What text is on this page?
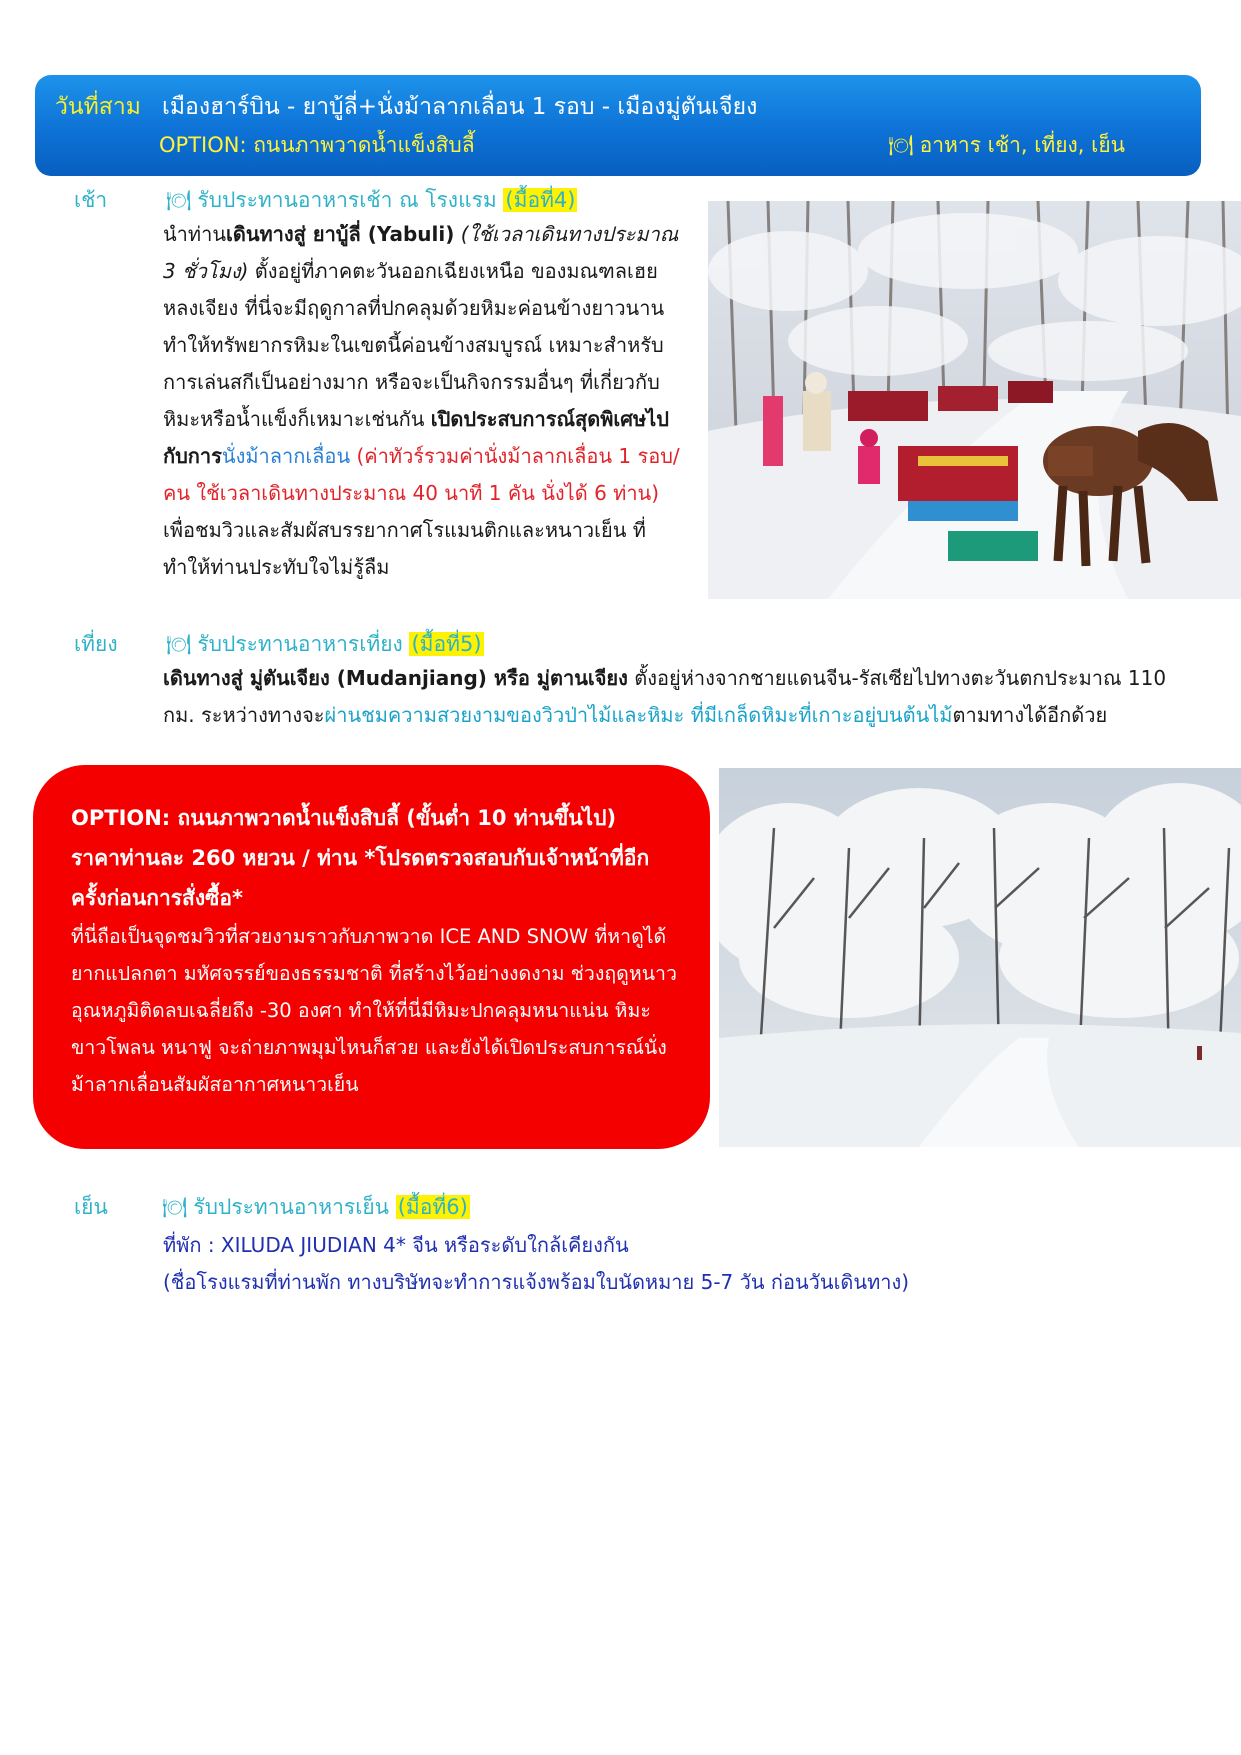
วันที่สาม เมืองฮาร์บิน - ยาบู้ลี่+นั่งม้าลากเลื่อน 1 รอบ - เมืองมู่ตันเจียง
OPTION: ถนนภาพวาดน้ำแข็งสิบลี้	🍽 อาหาร เช้า, เที่ยง, เย็น
เช้า	🍽 รับประทานอาหารเช้า ณ โรงแรม (มื้อที่4)
นำท่านเดินทางสู่ ยาบู้ลี่ (Yabuli) (ใช้เวลาเดินทางประมาณ 3 ชั่วโมง) ตั้งอยู่ที่ภาคตะวันออกเฉียงเหนือ ของมณฑลเฮยหลงเจียง ที่นี่จะมีฤดูกาลที่ปกคลุมด้วยหิมะค่อนข้างยาวนาน ทำให้ทรัพยากรหิมะในเขตนี้ค่อนข้างสมบูรณ์ เหมาะสำหรับการเล่นสกีเป็นอย่างมาก หรือจะเป็นกิจกรรมอื่นๆ ที่เกี่ยวกับหิมะหรือน้ำแข็งก็เหมาะเช่นกัน เปิดประสบการณ์สุดพิเศษไปกับการนั่งม้าลากเลื่อน (ค่าทัวร์รวมค่านั่งม้าลากเลื่อน 1 รอบ/คน ใช้เวลาเดินทางประมาณ 40 นาที 1 คัน นั่งได้ 6 ท่าน) เพื่อชมวิวและสัมผัสบรรยากาศโรแมนติกและหนาวเย็น ที่ทำให้ท่านประทับใจไม่รู้ลืม
เที่ยง 🍽 รับประทานอาหารเที่ยง (มื้อที่5)
เดินทางสู่ มู่ตันเจียง (Mudanjiang) หรือ มู่ตานเจียง ตั้งอยู่ห่างจากชายแดนจีน-รัสเซียไปทางตะวันตกประมาณ 110 กม. ระหว่างทางจะผ่านชมความสวยงามของวิวป่าไม้และหิมะ ที่มีเกล็ดหิมะที่เกาะอยู่บนต้นไม้ตามทางได้อีกด้วย
OPTION: ถนนภาพวาดน้ำแข็งสิบลี้ (ขั้นต่ำ 10 ท่านขึ้นไป)
ราคาท่านละ 260 หยวน / ท่าน *โปรดตรวจสอบกับเจ้าหน้าที่อีกครั้งก่อนการสั่งซื้อ*
ที่นี่ถือเป็นจุดชมวิวที่สวยงามราวกับภาพวาด ICE AND SNOW ที่หาดูได้ยากแปลกตา มหัศจรรย์ของธรรมชาติ ที่สร้างไว้อย่างงดงาม ช่วงฤดูหนาวอุณหภูมิติดลบเฉลี่ยถึง -30 องศา ทำให้ที่นี่มีหิมะปกคลุมหนาแน่น หิมะขาวโพลน หนาฟู จะถ่ายภาพมุมไหนก็สวย และยังได้เปิดประสบการณ์นั่งม้าลากเลื่อนสัมผัสอากาศหนาวเย็น
เย็น	🍽 รับประทานอาหารเย็น (มื้อที่6)
ที่พัก : XILUDA JIUDIAN 4* จีน หรือระดับใกล้เคียงกัน
(ชื่อโรงแรมที่ท่านพัก ทางบริษัทจะทำการแจ้งพร้อมใบนัดหมาย 5-7 วัน ก่อนวันเดินทาง)
